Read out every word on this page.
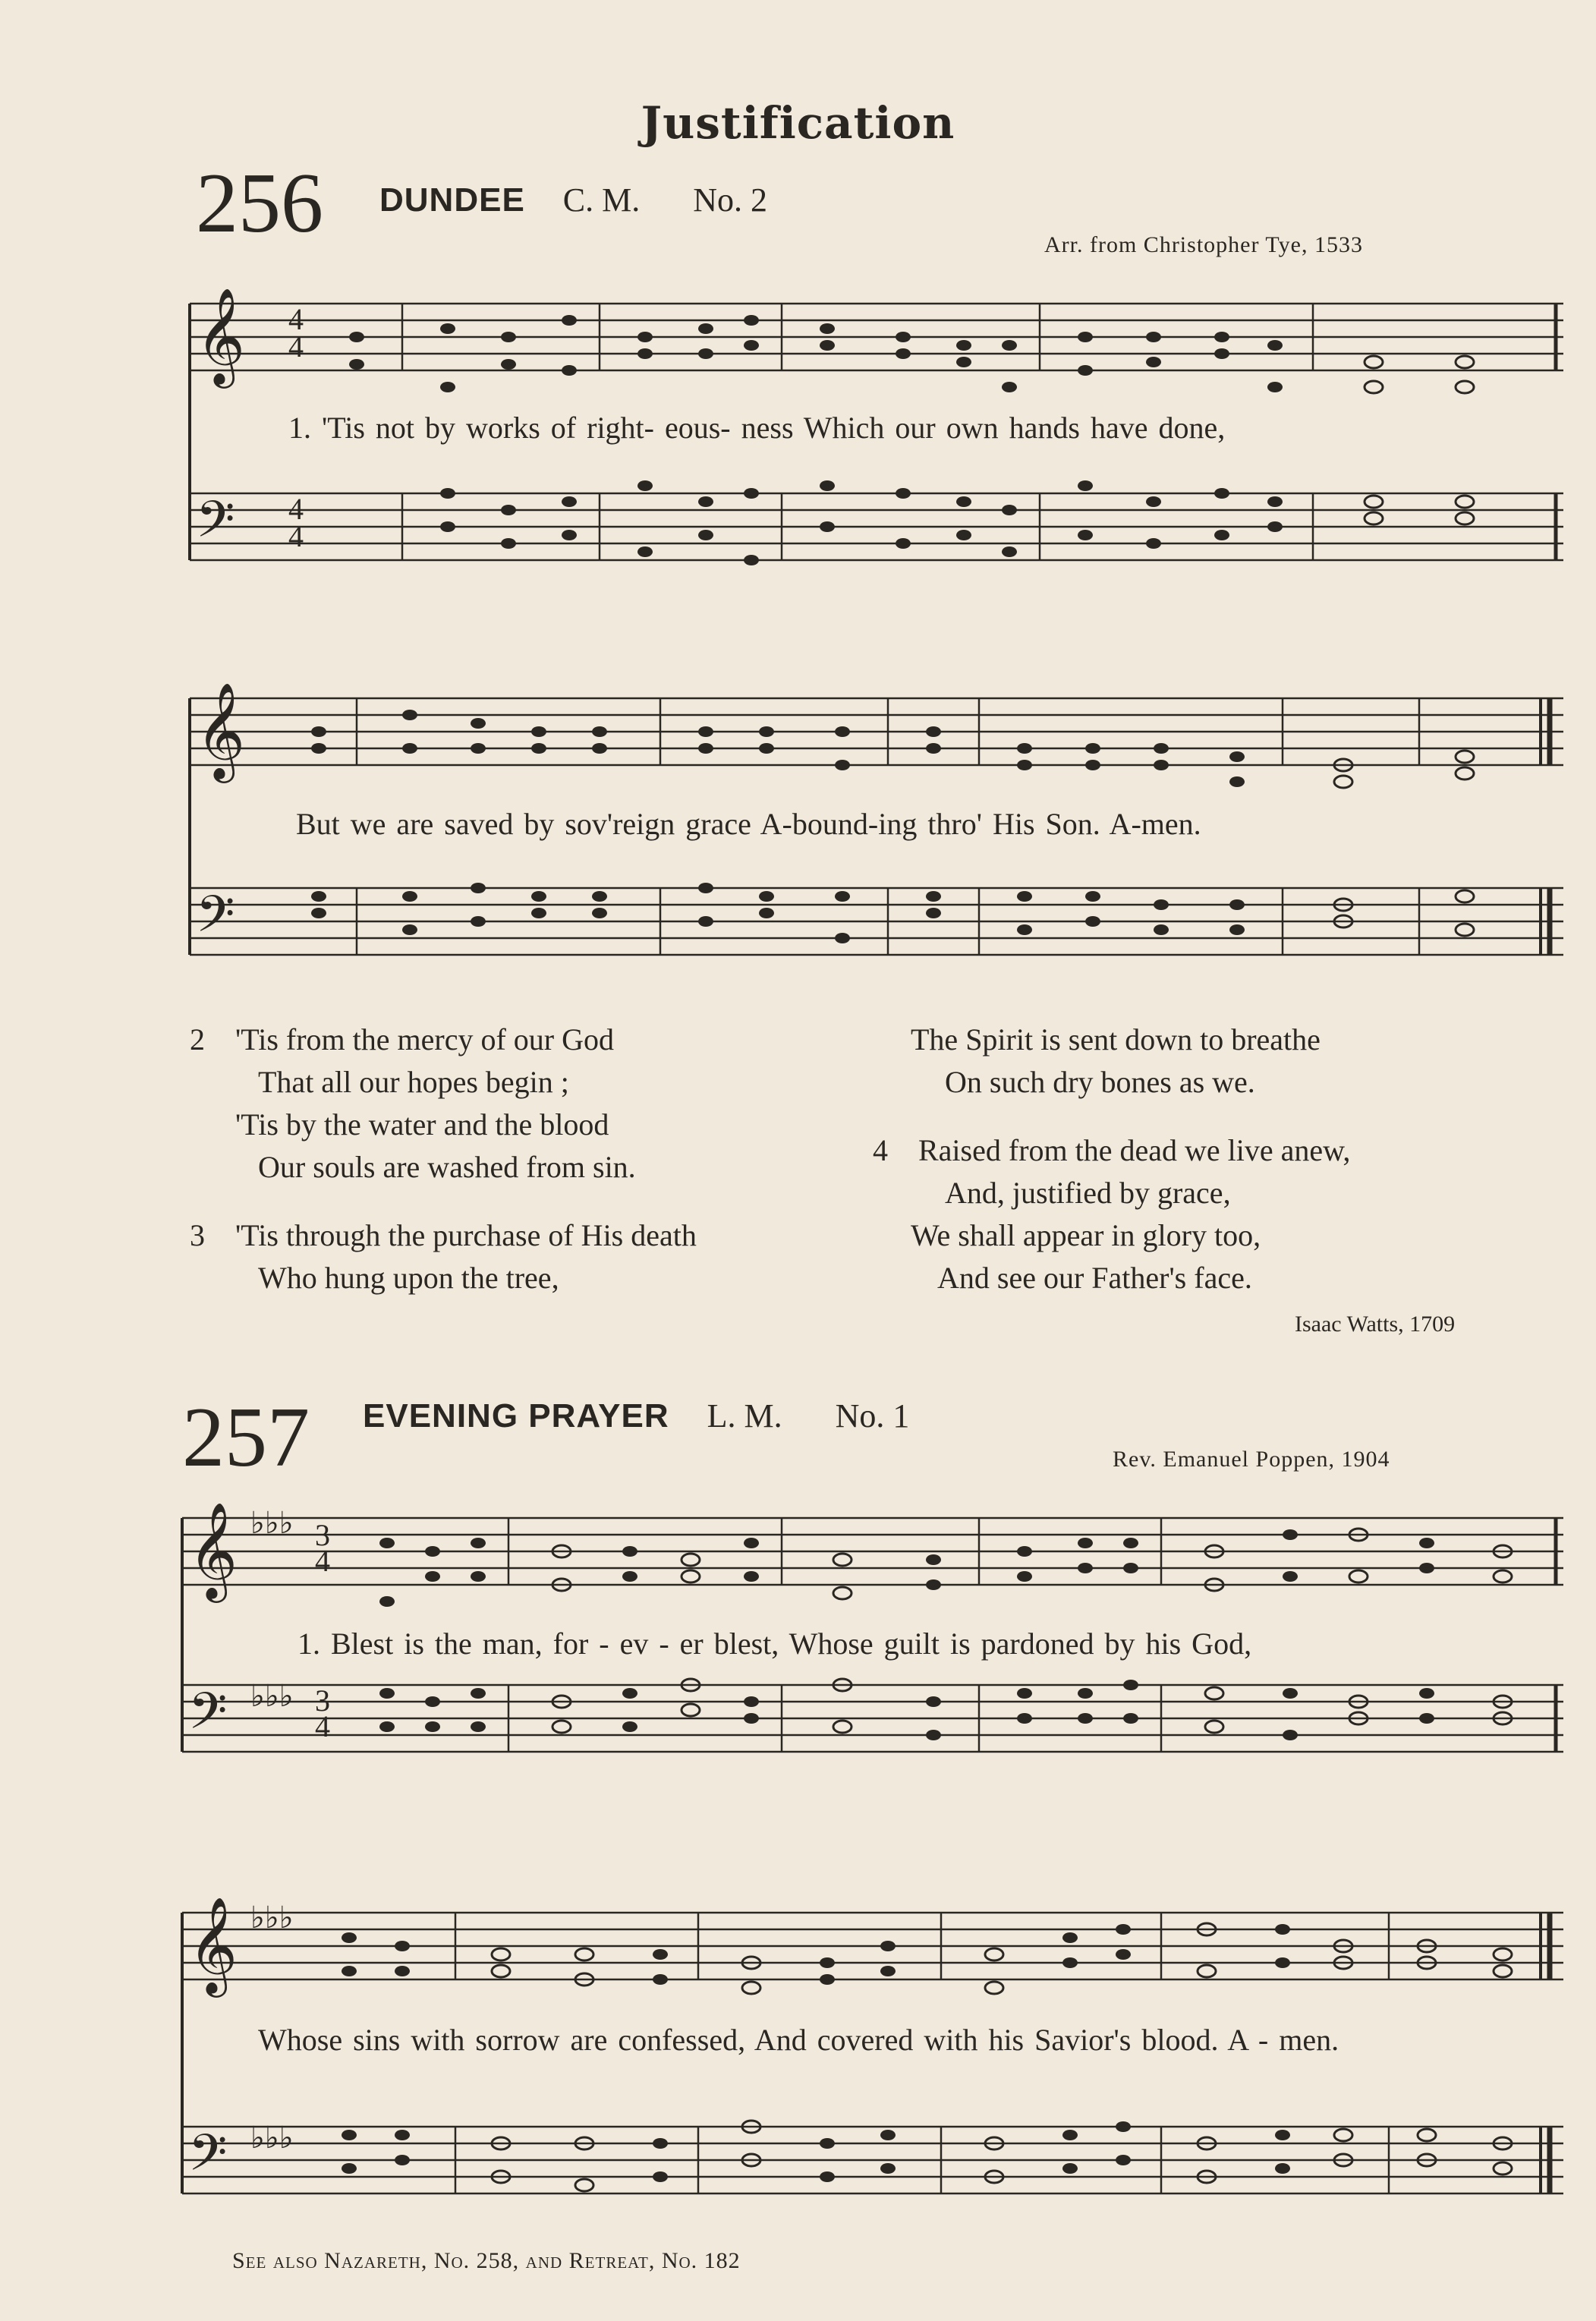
Justification
256 DUNDEE C. M. No. 2
Arr. from Christopher Tye, 1533
𝄞
𝄢
4
4
4
4
1. 'Tis not by works of right- eous- ness Which our own hands have done,
𝄞
𝄢
But we are saved by sov'reign grace A-bound-ing thro' His Son. A-men.
2 'Tis from the mercy of our God
That all our hopes begin ;
'Tis by the water and the blood
Our souls are washed from sin.
3 'Tis through the purchase of His death
Who hung upon the tree,
The Spirit is sent down to breathe
On such dry bones as we.
4 Raised from the dead we live anew,
And, justified by grace,
We shall appear in glory too,
And see our Father's face.
Isaac Watts, 1709
257 EVENING PRAYER L. M. No. 1
Rev. Emanuel Poppen, 1904
𝄞
𝄢
♭♭♭
♭♭♭
3
4
3
4
1. Blest is the man, for - ev - er blest, Whose guilt is pardoned by his God,
𝄞
𝄢
♭♭♭
♭♭♭
Whose sins with sorrow are confessed, And covered with his Savior's blood. A - men.
See also Nazareth, No. 258, and Retreat, No. 182
